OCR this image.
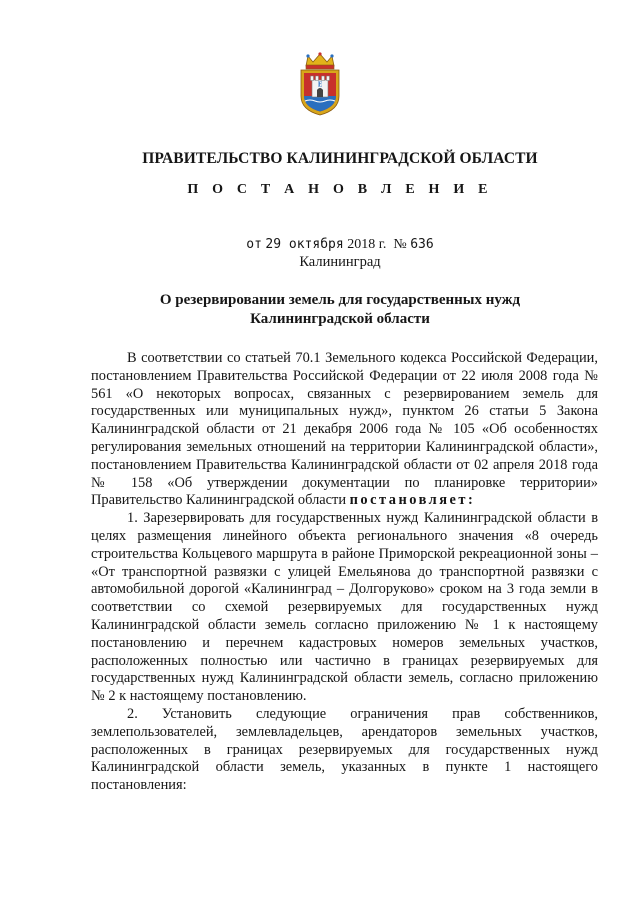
E
ПРАВИТЕЛЬСТВО КАЛИНИНГРАДСКОЙ ОБЛАСТИ
П О С Т А Н О В Л Е Н И Е
от 29 октября 2018 г. № 636
Калининград
О резервировании земель для государственных нужд
Калининградской области

В соответствии со статьей 70.1 Земельного кодекса Российской Федерации, постановлением Правительства Российской Федерации от 22 июля 2008 года № 561 «О некоторых вопросах, связанных с резервированием земель для государственных или муниципальных нужд», пунктом 26 статьи 5 Закона Калининградской области от 21 декабря 2006 года № 105 «Об особенностях регулирования земельных отношений на территории Калининградской области», постановлением Правительства Калининградской области от 02 апреля 2018 года № 158 «Об утверждении документации по планировке территории» Правительство Калининградской области постановляет:

1. Зарезервировать для государственных нужд Калининградской области в целях размещения линейного объекта регионального значения «8 очередь строительства Кольцевого маршрута в районе Приморской рекреационной зоны – «От транспортной развязки с улицей Емельянова до транспортной развязки с автомобильной дорогой «Калининград – Долгоруково» сроком на 3 года земли в соответствии со схемой резервируемых для государственных нужд Калининградской области земель согласно приложению № 1 к настоящему постановлению и перечнем кадастровых номеров земельных участков, расположенных полностью или частично в границах резервируемых для государственных нужд Калининградской области земель, согласно приложению № 2 к настоящему постановлению.

2. Установить следующие ограничения прав собственников, землепользователей, землевладельцев, арендаторов земельных участков, расположенных в границах резервируемых для государственных нужд Калининградской области земель, указанных в пункте 1 настоящего постановления:
